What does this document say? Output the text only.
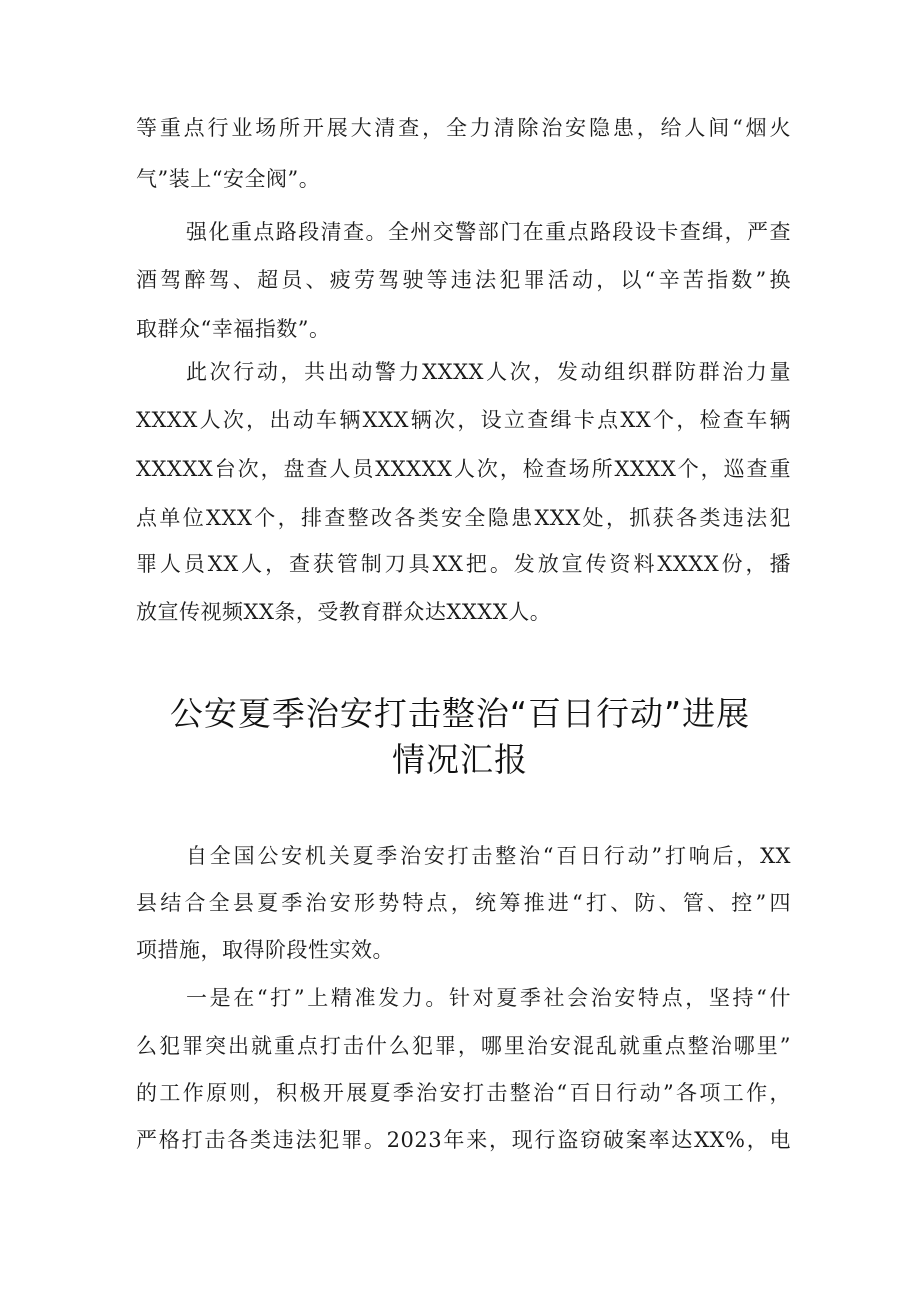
等重点行业场所开展大清查，全力清除治安隐患，给人间“烟火
气”装上“安全阀”。
强化重点路段清查。全州交警部门在重点路段设卡查缉，严查
酒驾醉驾、超员、疲劳驾驶等违法犯罪活动，以“辛苦指数”换
取群众“幸福指数”。
此次行动，共出动警力XXXX人次，发动组织群防群治力量
XXXX人次，出动车辆XXX辆次，设立查缉卡点XX个，检查车辆
XXXXX台次，盘查人员XXXXX人次，检查场所XXXX个，巡查重
点单位XXX个，排查整改各类安全隐患XXX处，抓获各类违法犯
罪人员XX人，查获管制刀具XX把。发放宣传资料XXXX份，播
放宣传视频XX条，受教育群众达XXXX人。
公安夏季治安打击整治“百日行动”进展
情况汇报
自全国公安机关夏季治安打击整治“百日行动”打响后，XX
县结合全县夏季治安形势特点，统筹推进“打、防、管、控”四
项措施，取得阶段性实效。
一是在“打”上精准发力。针对夏季社会治安特点，坚持“什
么犯罪突出就重点打击什么犯罪，哪里治安混乱就重点整治哪里”
的工作原则，积极开展夏季治安打击整治“百日行动”各项工作，
严格打击各类违法犯罪。2023年来，现行盗窃破案率达XX%，电
